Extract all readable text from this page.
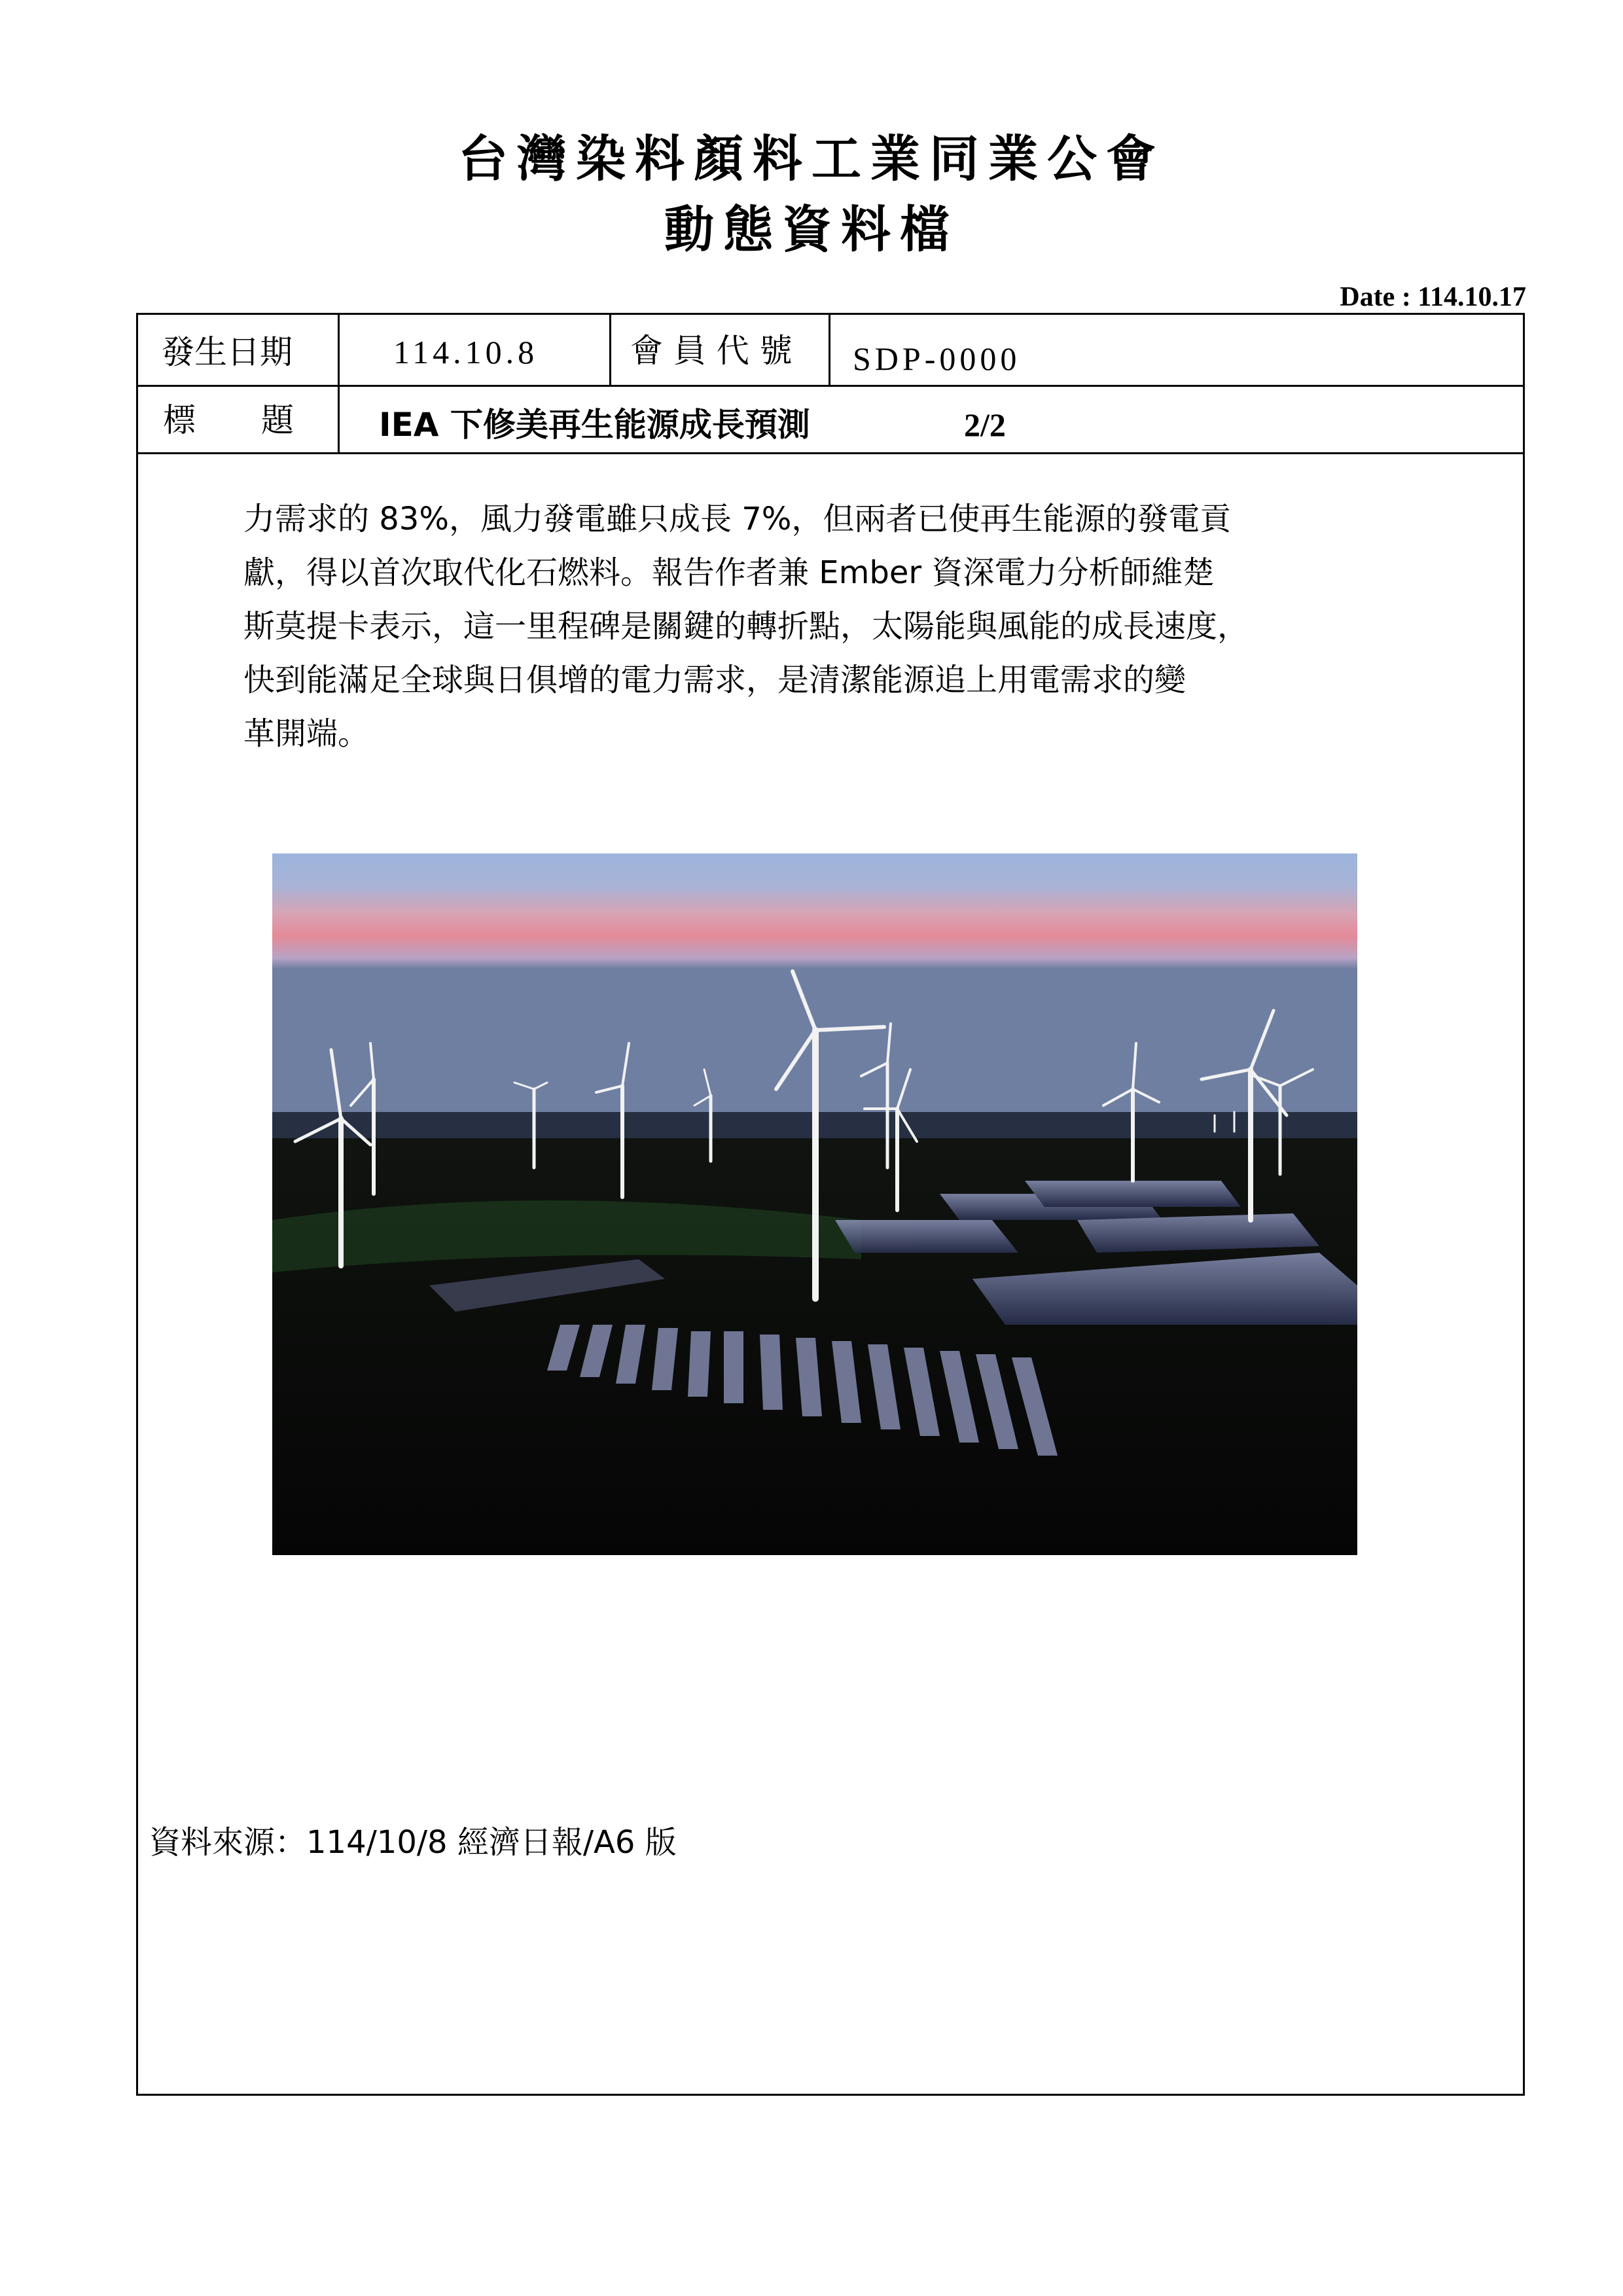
台灣染料顏料工業同業公會
動態資料檔
Date : 114.10.17
發生日期	114.10.8	會 員 代 號 SDP-0000
標　　題	IEA 下修美再生能源成長預測	2/2
力需求的 83%，風力發電雖只成長 7%，但兩者已使再生能源的發電貢
獻，得以首次取代化石燃料。報告作者兼 Ember 資深電力分析師維楚
斯莫提卡表示，這一里程碑是關鍵的轉折點，太陽能與風能的成長速度，
快到能滿足全球與日俱增的電力需求，是清潔能源追上用電需求的變
革開端。
資料來源：114/10/8 經濟日報/A6 版
